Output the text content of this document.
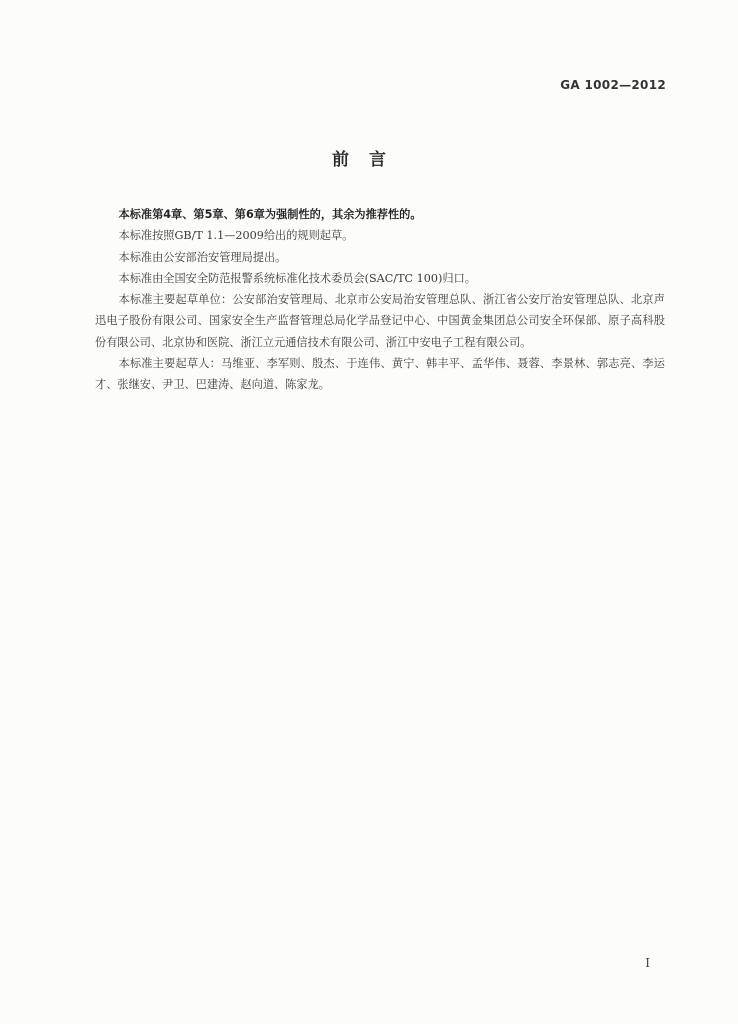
GA 1002—2012
前言

本标准第4章、第5章、第6章为强制性的，其余为推荐性的。

本标准按照GB/T 1.1—2009给出的规则起草。

本标准由公安部治安管理局提出。

本标准由全国安全防范报警系统标准化技术委员会(SAC/TC 100)归口。

本标准主要起草单位：公安部治安管理局、北京市公安局治安管理总队、浙江省公安厅治安管理总队、北京声迅电子股份有限公司、国家安全生产监督管理总局化学品登记中心、中国黄金集团总公司安全环保部、原子高科股份有限公司、北京协和医院、浙江立元通信技术有限公司、浙江中安电子工程有限公司。

本标准主要起草人：马维亚、李军则、殷杰、于连伟、黄宁、韩丰平、孟华伟、聂蓉、李景林、郭志亮、李运才、张继安、尹卫、巴建涛、赵向道、陈家龙。

I
